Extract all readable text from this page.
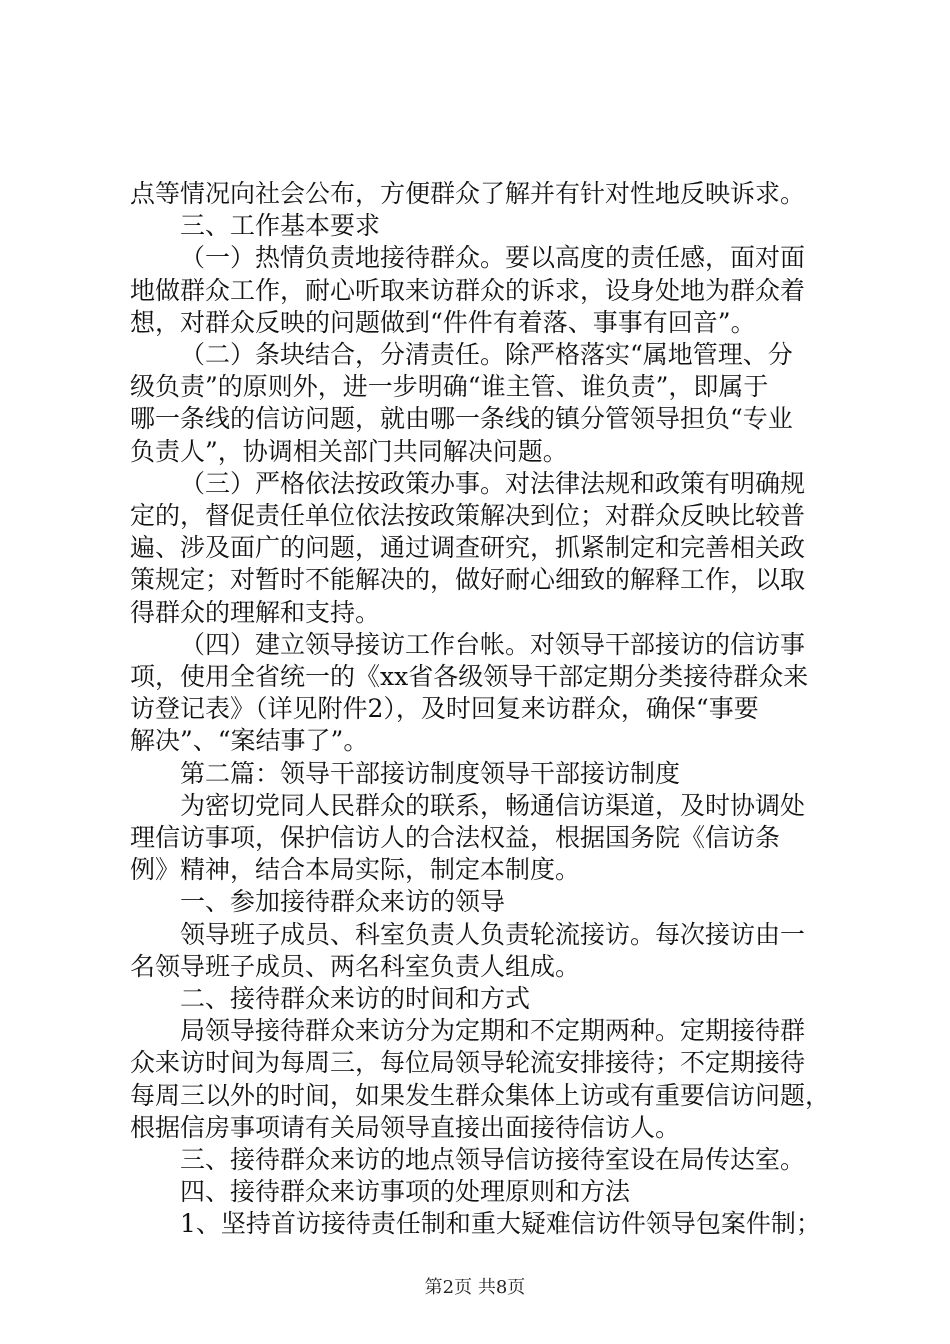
点等情况向社会公布，方便群众了解并有针对性地反映诉求。
三、工作基本要求
（一）热情负责地接待群众。要以高度的责任感，面对面
地做群众工作，耐心听取来访群众的诉求，设身处地为群众着
想，对群众反映的问题做到“件件有着落、事事有回音”。
（二）条块结合，分清责任。除严格落实“属地管理、分
级负责”的原则外，进一步明确“谁主管、谁负责”，即属于
哪一条线的信访问题，就由哪一条线的镇分管领导担负“专业
负责人”，协调相关部门共同解决问题。
（三）严格依法按政策办事。对法律法规和政策有明确规
定的，督促责任单位依法按政策解决到位；对群众反映比较普
遍、涉及面广的问题，通过调查研究，抓紧制定和完善相关政
策规定；对暂时不能解决的，做好耐心细致的解释工作，以取
得群众的理解和支持。
（四）建立领导接访工作台帐。对领导干部接访的信访事
项，使用全省统一的《xx省各级领导干部定期分类接待群众来
访登记表》（详见附件2），及时回复来访群众，确保“事要
解决”、“案结事了”。
第二篇：领导干部接访制度领导干部接访制度
为密切党同人民群众的联系，畅通信访渠道，及时协调处
理信访事项，保护信访人的合法权益，根据国务院《信访条
例》精神，结合本局实际，制定本制度。
一、参加接待群众来访的领导
领导班子成员、科室负责人负责轮流接访。每次接访由一
名领导班子成员、两名科室负责人组成。
二、接待群众来访的时间和方式
局领导接待群众来访分为定期和不定期两种。定期接待群
众来访时间为每周三，每位局领导轮流安排接待；不定期接待
每周三以外的时间，如果发生群众集体上访或有重要信访问题，
根据信房事项请有关局领导直接出面接待信访人。
三、接待群众来访的地点领导信访接待室设在局传达室。
四、接待群众来访事项的处理原则和方法
1、坚持首访接待责任制和重大疑难信访件领导包案件制；
第2页 共8页
